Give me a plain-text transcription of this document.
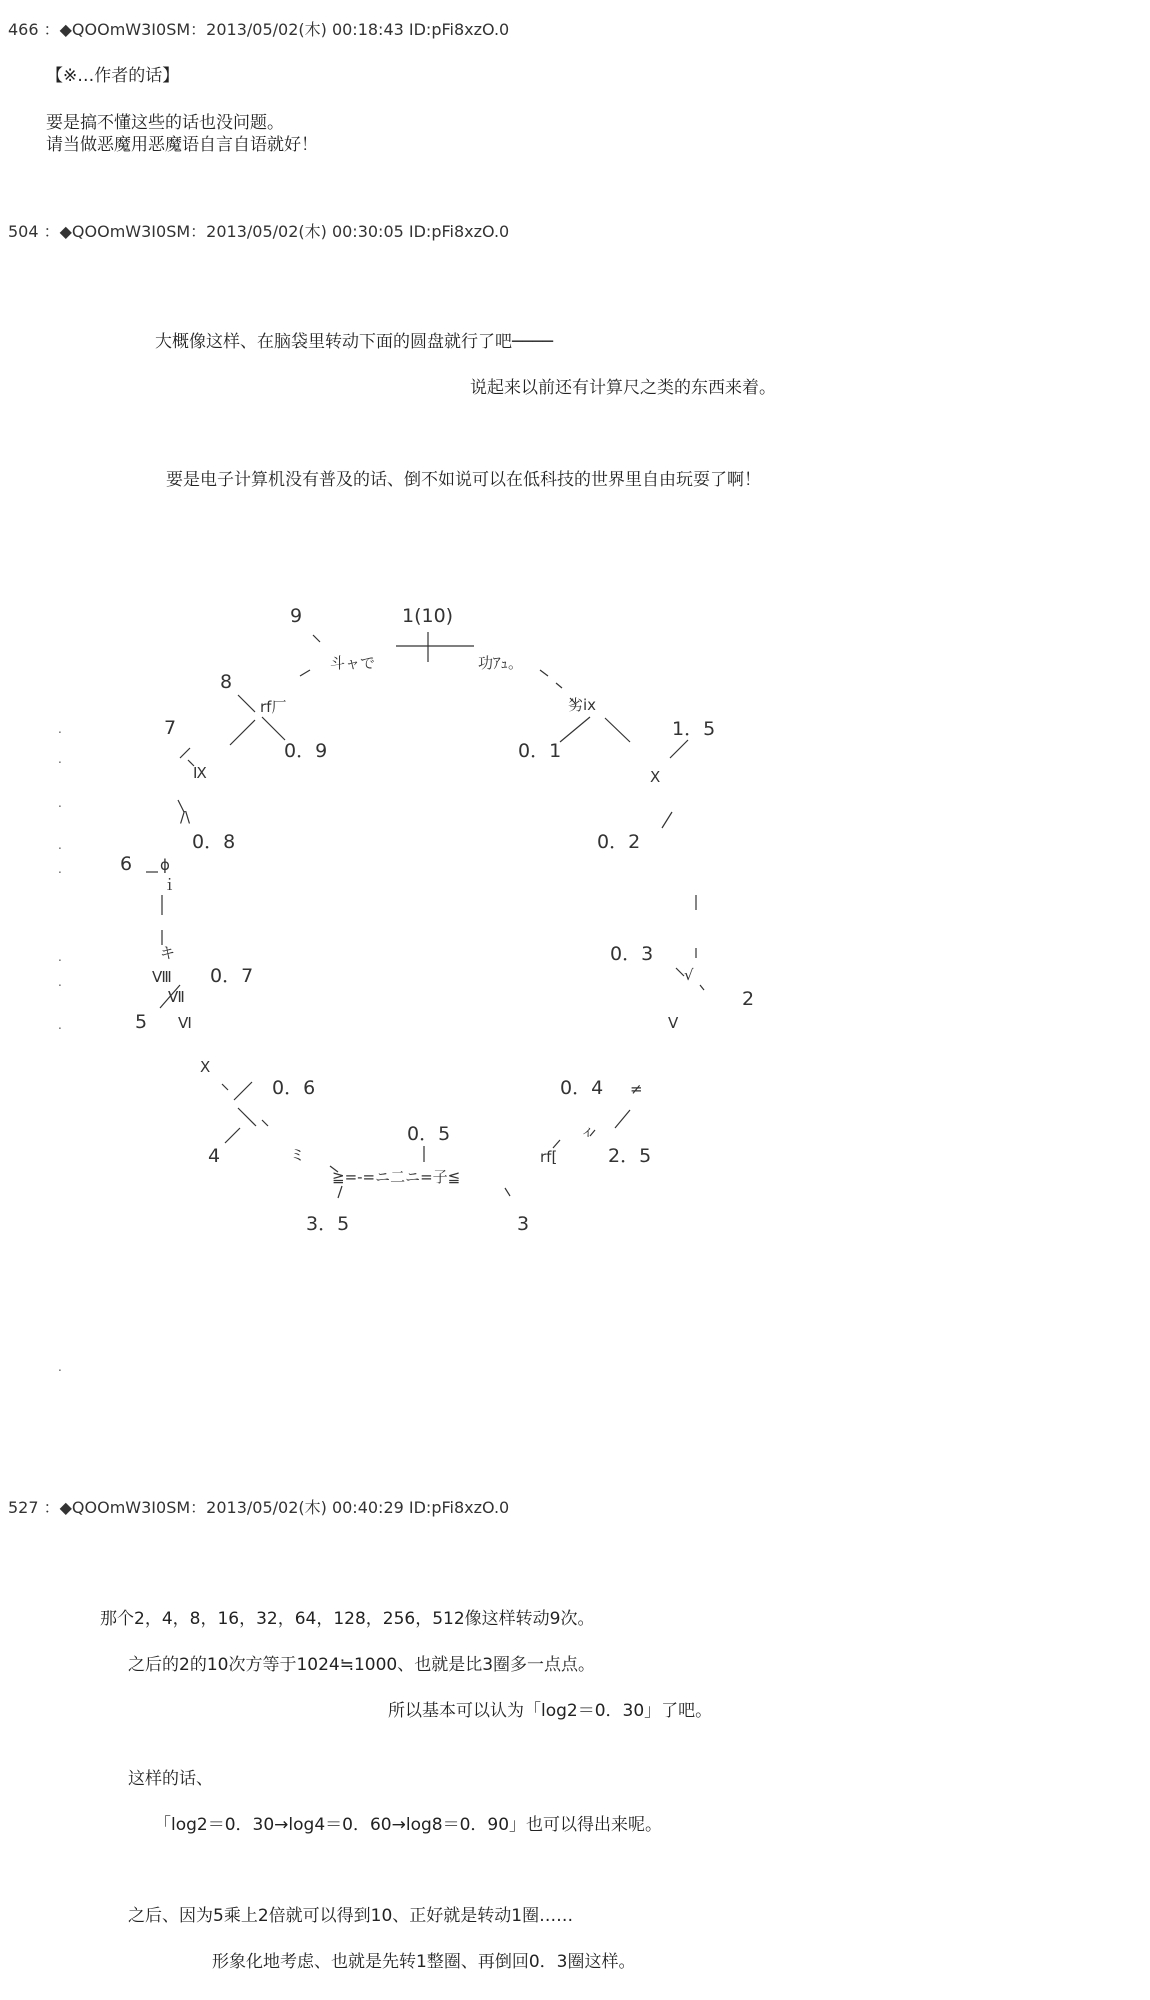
466 ：◆QOOmW3I0SM：2013/05/02(木) 00:18:43 ID:pFi8xzO.0
【※…作者的话】
要是搞不懂这些的话也没问题。
请当做恶魔用恶魔语自言自语就好！
504 ：◆QOOmW3I0SM：2013/05/02(木) 00:30:05 ID:pFi8xzO.0
大概像这样、在脑袋里转动下面的圆盘就行了吧────
说起来以前还有计算尺之类的东西来着。
要是电子计算机没有普及的话、倒不如说可以在低科技的世界里自由玩耍了啊！
1(10)
1．5
2
2．5
3
3．5
4
5
6
7
8
9
0．1
0．2
0．3
0．4
0．5
0．6
0．7
0．8
0．9
斗ャで	功ｱｭ。
劣ix
rf厂
rf[
≧=-=ニ二ニ=子≦
Ⅸ
Ⅵ
Ⅶ
Ⅷ
Ⅴ
Ⅹ
X
キ
ｉ
ミ
≠
ィ
ϕ
/\
√
.
.
.
.
.
.
.
.
.
527 ：◆QOOmW3I0SM：2013/05/02(木) 00:40:29 ID:pFi8xzO.0
那个2，4，8，16，32，64，128，256，512像这样转动9次。
之后的2的10次方等于1024≒1000、也就是比3圈多一点点。
所以基本可以认为「log2＝0．30」了吧。
这样的话、
「log2＝0．30→log4＝0．60→log8＝0．90」也可以得出来呢。
之后、因为5乘上2倍就可以得到10、正好就是转动1圈……
形象化地考虑、也就是先转1整圈、再倒回0．3圈这样。
